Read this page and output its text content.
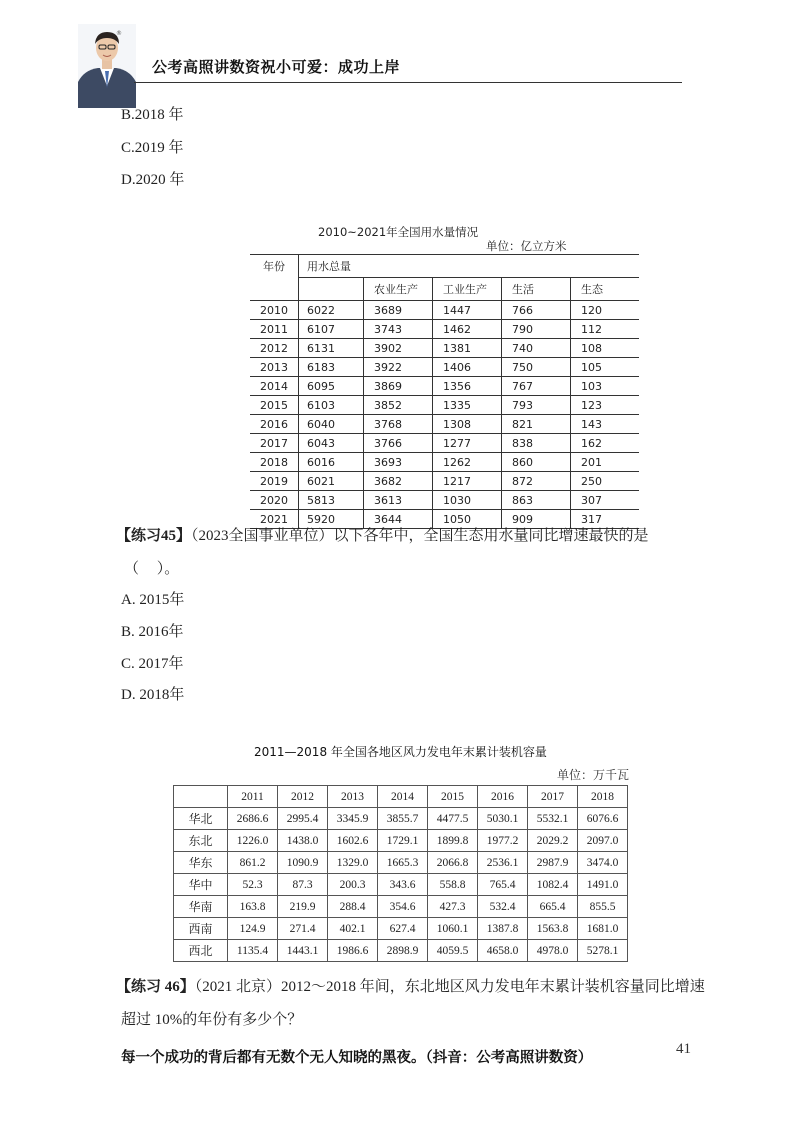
®
公考高照讲数资祝小可爱：成功上岸
B.2018 年
C.2019 年
D.2020 年
2010~2021年全国用水量情况
单位：亿立方米
年份	用水总量				
		农业生产	工业生产	生活	生态
2010	6022	3689	1447	766	120
2011	6107	3743	1462	790	112
2012	6131	3902	1381	740	108
2013	6183	3922	1406	750	105
2014	6095	3869	1356	767	103
2015	6103	3852	1335	793	123
2016	6040	3768	1308	821	143
2017	6043	3766	1277	838	162
2018	6016	3693	1262	860	201
2019	6021	3682	1217	872	250
2020	5813	3613	1030	863	307
2021	5920	3644	1050	909	317
【练习45】（2023全国事业单位）以下各年中，全国生态用水量同比增速最快的是
（ ）。
A. 2015年
B. 2016年
C. 2017年
D. 2018年
2011—2018 年全国各地区风力发电年末累计装机容量
单位：万千瓦
	2011	2012	2013	2014	2015	2016	2017	2018
华北	2686.6	2995.4	3345.9	3855.7	4477.5	5030.1	5532.1	6076.6
东北	1226.0	1438.0	1602.6	1729.1	1899.8	1977.2	2029.2	2097.0
华东	861.2	1090.9	1329.0	1665.3	2066.8	2536.1	2987.9	3474.0
华中	52.3	87.3	200.3	343.6	558.8	765.4	1082.4	1491.0
华南	163.8	219.9	288.4	354.6	427.3	532.4	665.4	855.5
西南	124.9	271.4	402.1	627.4	1060.1	1387.8	1563.8	1681.0
西北	1135.4	1443.1	1986.6	2898.9	4059.5	4658.0	4978.0	5278.1
【练习 46】（2021 北京）2012～2018 年间，东北地区风力发电年末累计装机容量同比增速
超过 10%的年份有多少个？
每一个成功的背后都有无数个无人知晓的黑夜。（抖音：公考高照讲数资）
41
